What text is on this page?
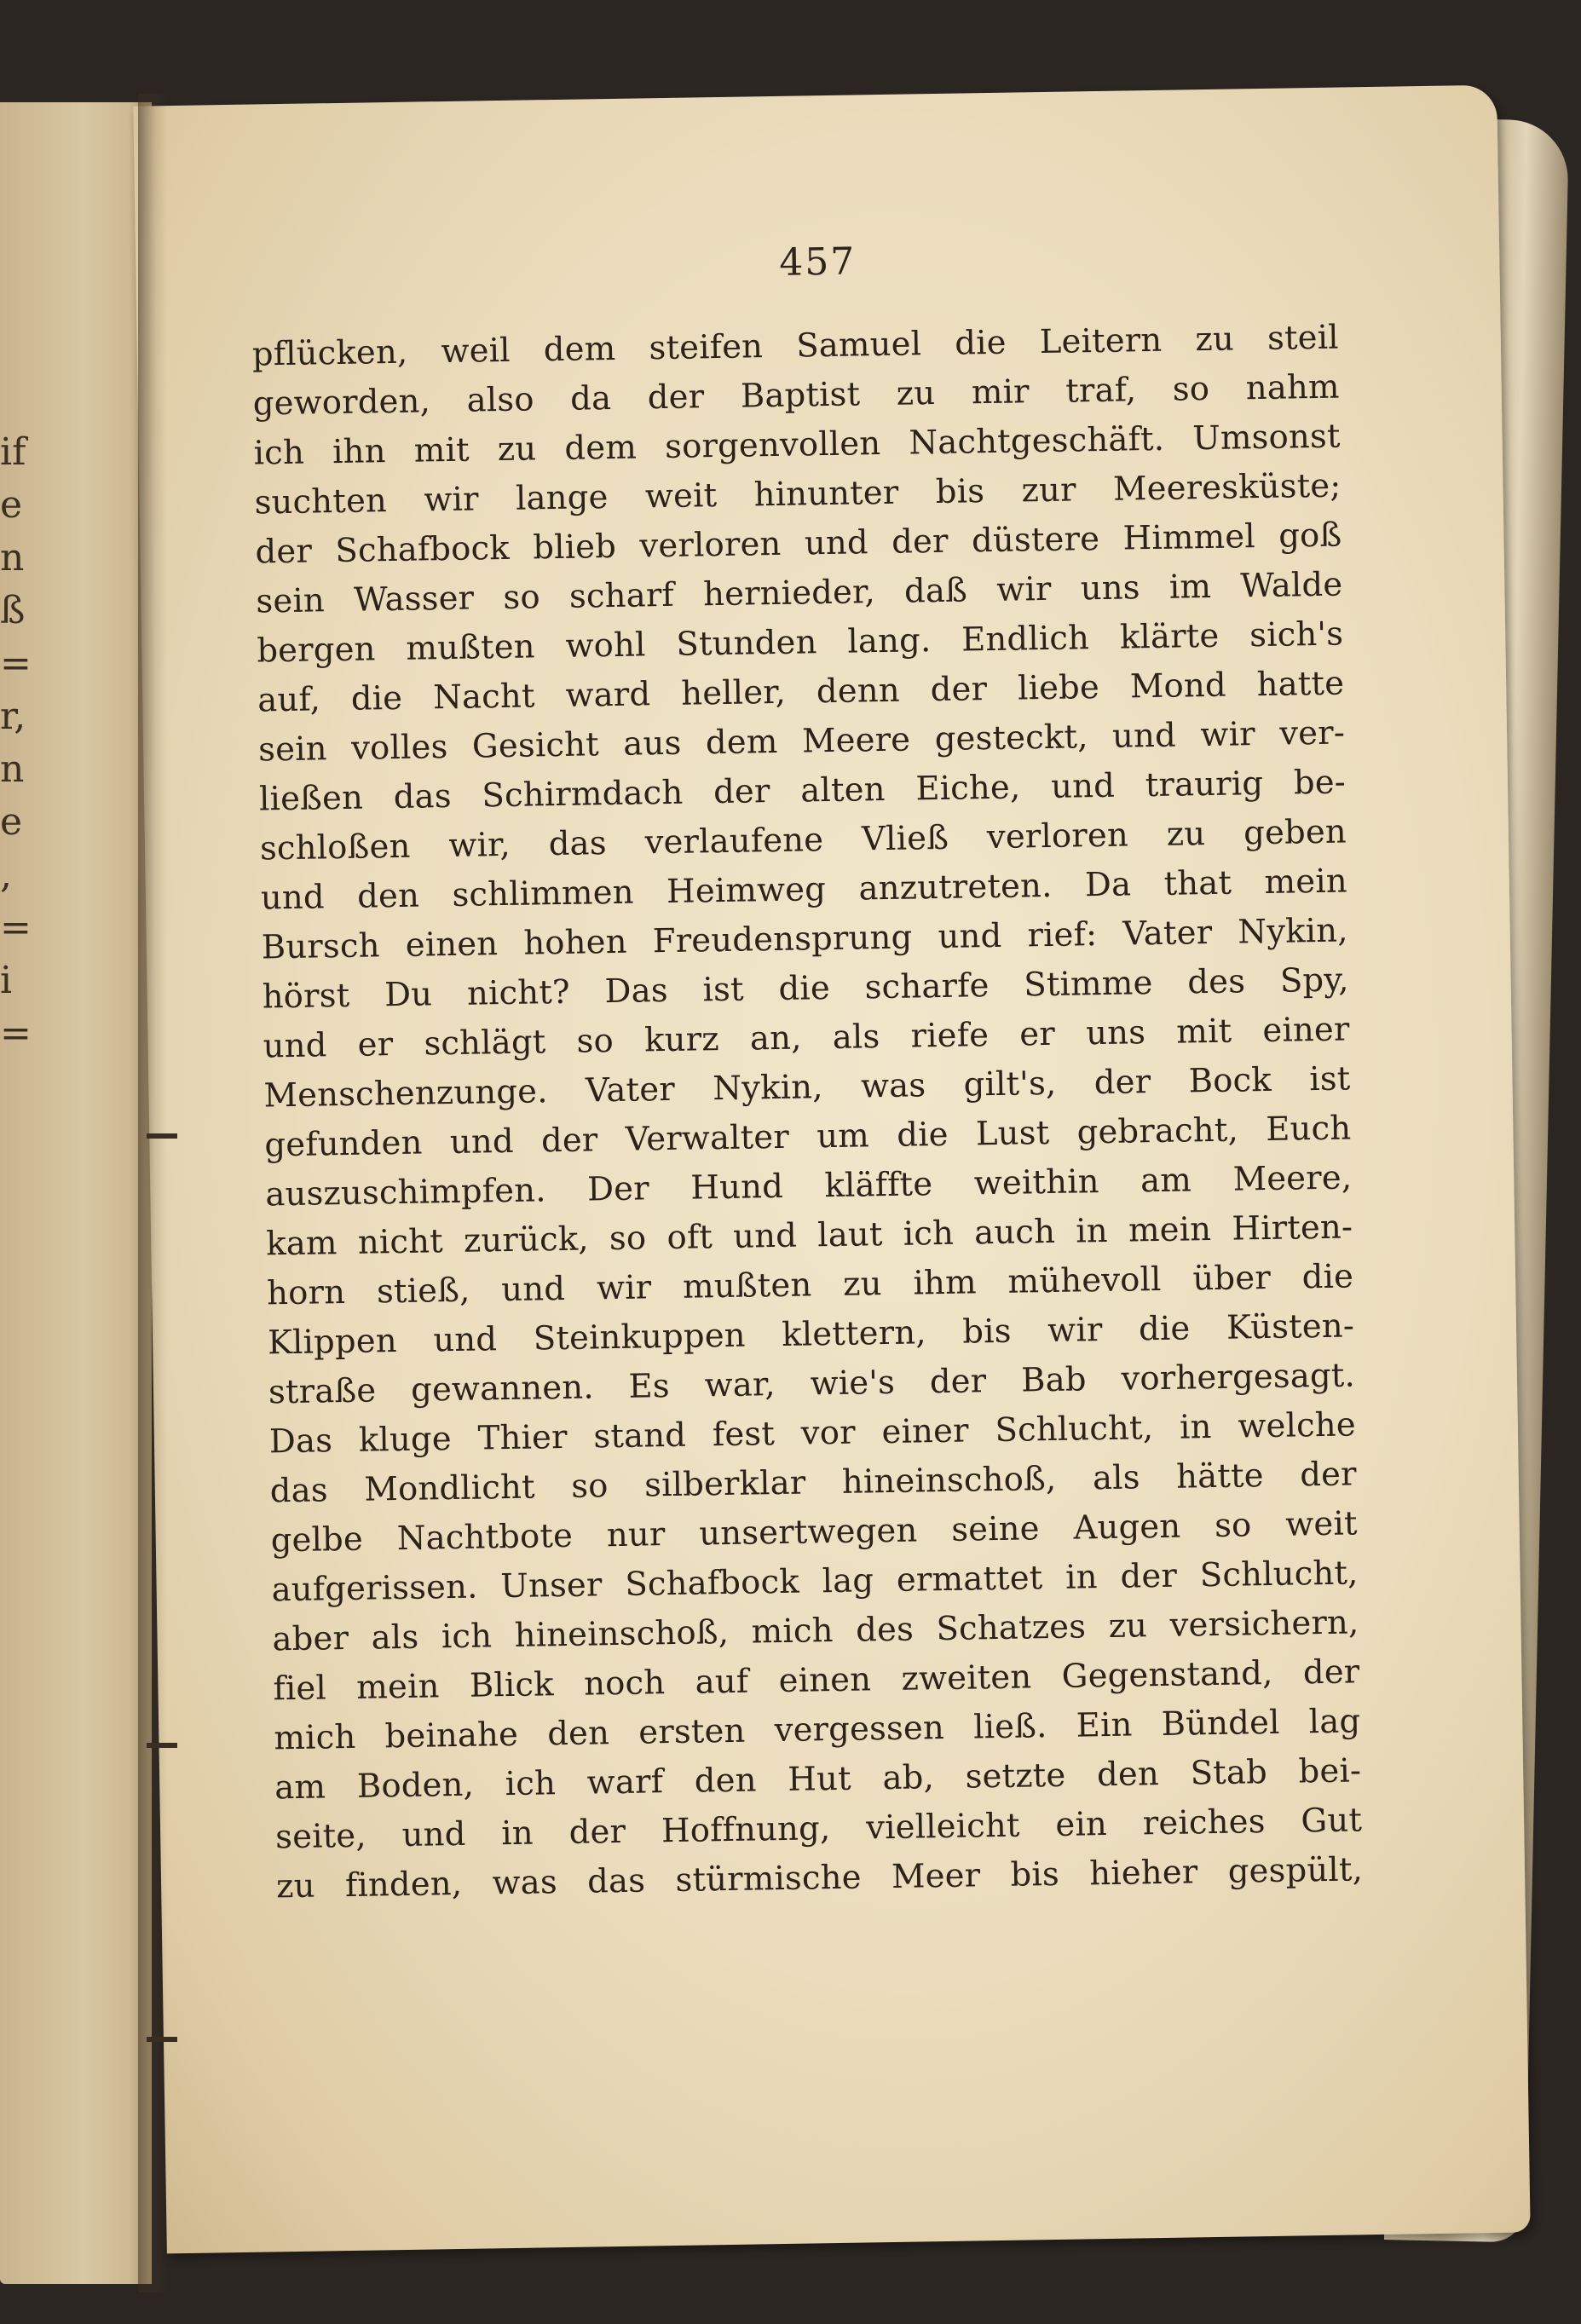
if
e
n
ß
=
r,
n
e
,
=
i
=
457
pflücken, weil dem steifen Samuel die Leitern zu steil
geworden, also da der Baptist zu mir traf, so nahm
ich ihn mit zu dem sorgenvollen Nachtgeschäft. Umsonst
suchten wir lange weit hinunter bis zur Meeresküste;
der Schafbock blieb verloren und der düstere Himmel goß
sein Wasser so scharf hernieder, daß wir uns im Walde
bergen mußten wohl Stunden lang. Endlich klärte sich's
auf, die Nacht ward heller, denn der liebe Mond hatte
sein volles Gesicht aus dem Meere gesteckt, und wir ver-
ließen das Schirmdach der alten Eiche, und traurig be-
schloßen wir, das verlaufene Vließ verloren zu geben
und den schlimmen Heimweg anzutreten. Da that mein
Bursch einen hohen Freudensprung und rief: Vater Nykin,
hörst Du nicht? Das ist die scharfe Stimme des Spy,
und er schlägt so kurz an, als riefe er uns mit einer
Menschenzunge. Vater Nykin, was gilt's, der Bock ist
gefunden und der Verwalter um die Lust gebracht, Euch
auszuschimpfen. Der Hund kläffte weithin am Meere,
kam nicht zurück, so oft und laut ich auch in mein Hirten-
horn stieß, und wir mußten zu ihm mühevoll über die
Klippen und Steinkuppen klettern, bis wir die Küsten-
straße gewannen. Es war, wie's der Bab vorhergesagt.
Das kluge Thier stand fest vor einer Schlucht, in welche
das Mondlicht so silberklar hineinschoß, als hätte der
gelbe Nachtbote nur unsertwegen seine Augen so weit
aufgerissen. Unser Schafbock lag ermattet in der Schlucht,
aber als ich hineinschoß, mich des Schatzes zu versichern,
fiel mein Blick noch auf einen zweiten Gegenstand, der
mich beinahe den ersten vergessen ließ. Ein Bündel lag
am Boden, ich warf den Hut ab, setzte den Stab bei-
seite, und in der Hoffnung, vielleicht ein reiches Gut
zu finden, was das stürmische Meer bis hieher gespült,
